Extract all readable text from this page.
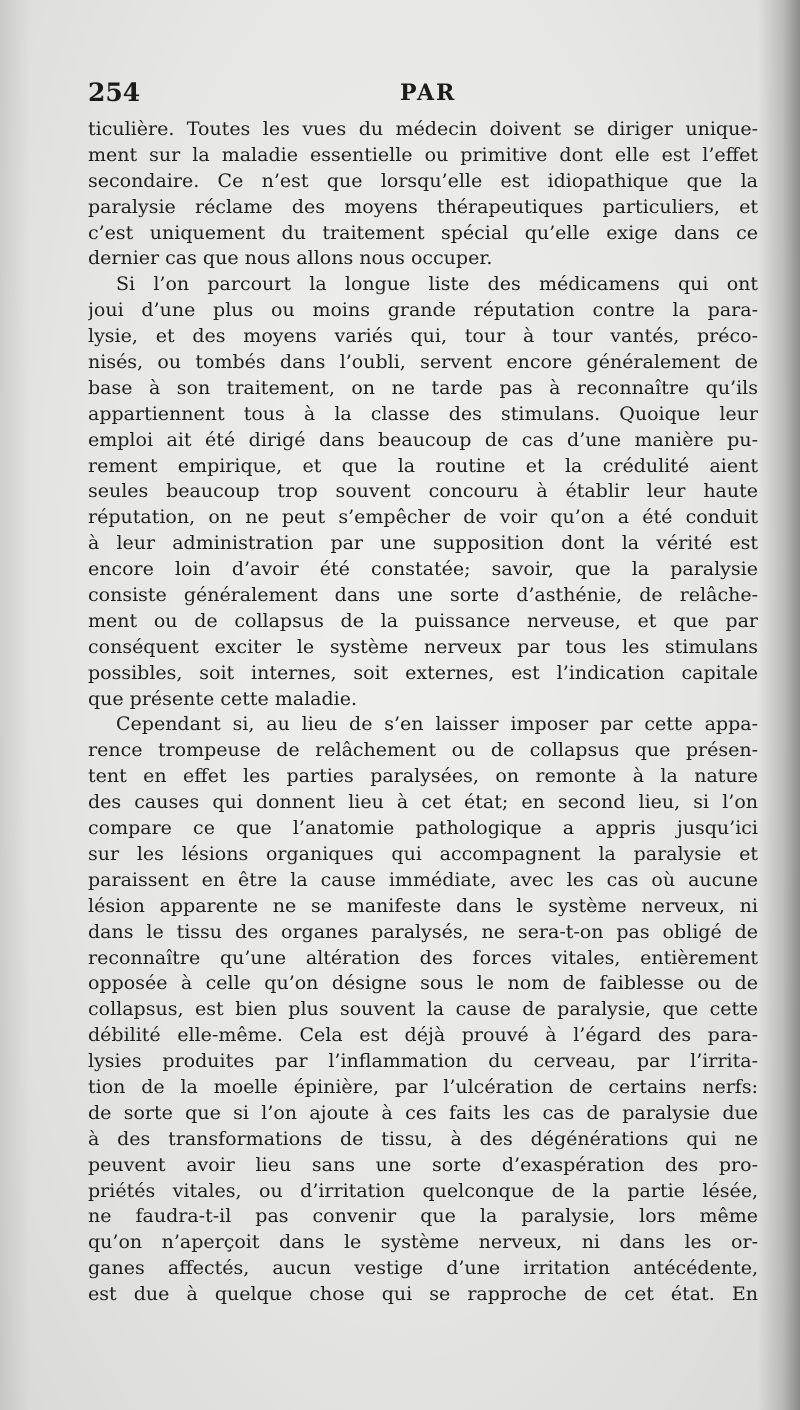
254	PAR
ticulière. Toutes les vues du médecin doivent se diriger unique-
ment sur la maladie essentielle ou primitive dont elle est l’effet
secondaire. Ce n’est que lorsqu’elle est idiopathique que la
paralysie réclame des moyens thérapeutiques particuliers, et
c’est uniquement du traitement spécial qu’elle exige dans ce
dernier cas que nous allons nous occuper.
Si l’on parcourt la longue liste des médicamens qui ont
joui d’une plus ou moins grande réputation contre la para-
lysie, et des moyens variés qui, tour à tour vantés, préco-
nisés, ou tombés dans l’oubli, servent encore généralement de
base à son traitement, on ne tarde pas à reconnaître qu’ils
appartiennent tous à la classe des stimulans. Quoique leur
emploi ait été dirigé dans beaucoup de cas d’une manière pu-
rement empirique, et que la routine et la crédulité aient
seules beaucoup trop souvent concouru à établir leur haute
réputation, on ne peut s’empêcher de voir qu’on a été conduit
à leur administration par une supposition dont la vérité est
encore loin d’avoir été constatée; savoir, que la paralysie
consiste généralement dans une sorte d’asthénie, de relâche-
ment ou de collapsus de la puissance nerveuse, et que par
conséquent exciter le système nerveux par tous les stimulans
possibles, soit internes, soit externes, est l’indication capitale
que présente cette maladie.
Cependant si, au lieu de s’en laisser imposer par cette appa-
rence trompeuse de relâchement ou de collapsus que présen-
tent en effet les parties paralysées, on remonte à la nature
des causes qui donnent lieu à cet état; en second lieu, si l’on
compare ce que l’anatomie pathologique a appris jusqu’ici
sur les lésions organiques qui accompagnent la paralysie et
paraissent en être la cause immédiate, avec les cas où aucune
lésion apparente ne se manifeste dans le système nerveux, ni
dans le tissu des organes paralysés, ne sera-t-on pas obligé de
reconnaître qu’une altération des forces vitales, entièrement
opposée à celle qu’on désigne sous le nom de faiblesse ou de
collapsus, est bien plus souvent la cause de paralysie, que cette
débilité elle-même. Cela est déjà prouvé à l’égard des para-
lysies produites par l’inflammation du cerveau, par l’irrita-
tion de la moelle épinière, par l’ulcération de certains nerfs:
de sorte que si l’on ajoute à ces faits les cas de paralysie due
à des transformations de tissu, à des dégénérations qui ne
peuvent avoir lieu sans une sorte d’exaspération des pro-
priétés vitales, ou d’irritation quelconque de la partie lésée,
ne faudra-t-il pas convenir que la paralysie, lors même
qu’on n’aperçoit dans le système nerveux, ni dans les or-
ganes affectés, aucun vestige d’une irritation antécédente,
est due à quelque chose qui se rapproche de cet état. En
